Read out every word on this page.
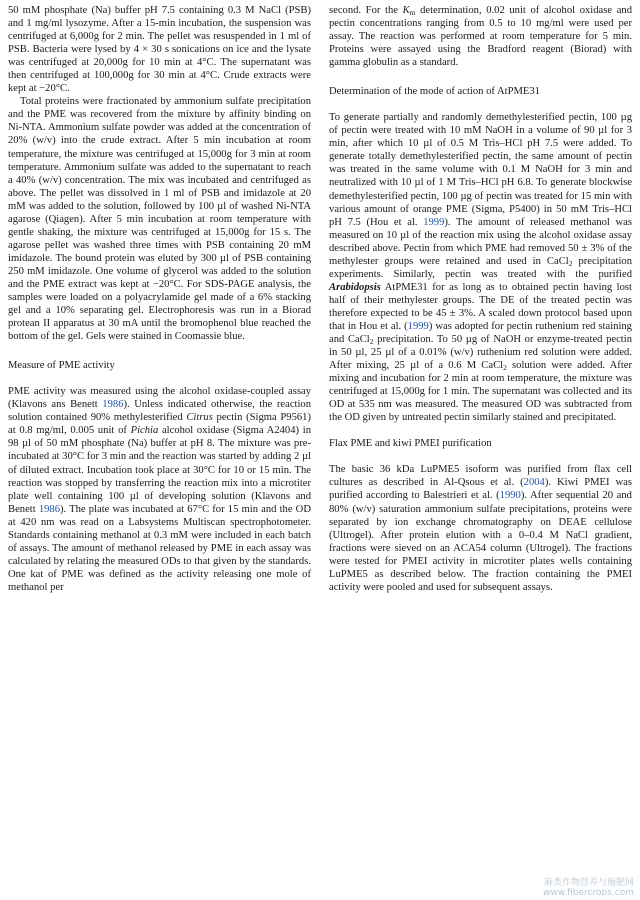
50 mM phosphate (Na) buffer pH 7.5 containing 0.3 M NaCl (PSB) and 1 mg/ml lysozyme. After a 15-min incubation, the suspension was centrifuged at 6,000g for 2 min. The pellet was resuspended in 1 ml of PSB. Bacteria were lysed by 4 × 30 s sonications on ice and the lysate was centrifuged at 20,000g for 10 min at 4°C. The supernatant was then centrifuged at 100,000g for 30 min at 4°C. Crude extracts were kept at −20°C.

Total proteins were fractionated by ammonium sulfate precipitation and the PME was recovered from the mixture by affinity binding on Ni-NTA. Ammonium sulfate powder was added at the concentration of 20% (w/v) into the crude extract. After 5 min incubation at room temperature, the mixture was centrifuged at 15,000g for 3 min at room temperature. Ammonium sulfate was added to the supernatant to reach a 40% (w/v) concentration. The mix was incubated and centrifuged as above. The pellet was dissolved in 1 ml of PSB and imidazole at 20 mM was added to the solution, followed by 100 µl of washed Ni-NTA agarose (Qiagen). After 5 min incubation at room temperature with gentle shaking, the mixture was centrifuged at 15,000g for 15 s. The agarose pellet was washed three times with PSB containing 20 mM imidazole. The bound protein was eluted by 300 µl of PSB containing 250 mM imidazole. One volume of glycerol was added to the solution and the PME extract was kept at −20°C. For SDS-PAGE analysis, the samples were loaded on a polyacrylamide gel made of a 6% stacking gel and a 10% separating gel. Electrophoresis was run in a Biorad protean II apparatus at 30 mA until the bromophenol blue reached the bottom of the gel. Gels were stained in Coomassie blue.

Measure of PME activity

PME activity was measured using the alcohol oxidase-coupled assay (Klavons ans Benett 1986). Unless indicated otherwise, the reaction solution contained 90% methylesterified Citrus pectin (Sigma P9561) at 0.8 mg/ml, 0.005 unit of Pichia alcohol oxidase (Sigma A2404) in 98 µl of 50 mM phosphate (Na) buffer at pH 8. The mixture was pre-incubated at 30°C for 3 min and the reaction was started by adding 2 µl of diluted extract. Incubation took place at 30°C for 10 or 15 min. The reaction was stopped by transferring the reaction mix into a microtiter plate well containing 100 µl of developing solution (Klavons and Benett 1986). The plate was incubated at 67°C for 15 min and the OD at 420 nm was read on a Labsystems Multiscan spectrophotometer. Standards containing methanol at 0.3 mM were included in each batch of assays. The amount of methanol released by PME in each assay was calculated by relating the measured ODs to that given by the standards. One kat of PME was defined as the activity releasing one mole of methanol per

second. For the $K_m$ determination, 0.02 unit of alcohol oxidase and pectin concentrations ranging from 0.5 to 10 mg/ml were used per assay. The reaction was performed at room temperature for 5 min. Proteins were assayed using the Bradford reagent (Biorad) with gamma globulin as a standard.

Determination of the mode of action of AtPME31

To generate partially and randomly demethylesterified pectin, 100 µg of pectin were treated with 10 mM NaOH in a volume of 90 µl for 3 min, after which 10 µl of 0.5 M Tris–HCl pH 7.5 were added. To generate totally demethylesterified pectin, the same amount of pectin was treated in the same volume with 0.1 M NaOH for 3 min and neutralized with 10 µl of 1 M Tris–HCl pH 6.8. To generate blockwise demethylesterified pectin, 100 µg of pectin was treated for 15 min with various amount of orange PME (Sigma, P5400) in 50 mM Tris–HCl pH 7.5 (Hou et al. 1999). The amount of released methanol was measured on 10 µl of the reaction mix using the alcohol oxidase assay described above. Pectin from which PME had removed 50 ± 3% of the methylester groups were retained and used in CaCl$_2$ precipitation experiments. Similarly, pectin was treated with the purified Arabidopsis AtPME31 for as long as to obtained pectin having lost half of their methylester groups. The DE of the treated pectin was therefore expected to be 45 ± 3%. A scaled down protocol based upon that in Hou et al. (1999) was adopted for pectin ruthenium red staining and CaCl$_2$ precipitation. To 50 µg of NaOH or enzyme-treated pectin in 50 µl, 25 µl of a 0.01% (w/v) ruthenium red solution were added. After mixing, 25 µl of a 0.6 M CaCl$_2$ solution were added. After mixing and incubation for 2 min at room temperature, the mixture was centrifuged at 15,000g for 1 min. The supernatant was collected and its OD at 535 nm was measured. The measured OD was subtracted from the OD given by untreated pectin similarly stained and precipitated.

Flax PME and kiwi PMEI purification

The basic 36 kDa LuPME5 isoform was purified from flax cell cultures as described in Al-Qsous et al. (2004). Kiwi PMEI was purified according to Balestrieri et al. (1990). After sequential 20 and 80% (w/v) saturation ammonium sulfate precipitations, proteins were separated by ion exchange chromatography on DEAE cellulose (Ultrogel). After protein elution with a 0–0.4 M NaCl gradient, fractions were sieved on an ACA54 column (Ultrogel). The fractions were tested for PMEI activity in microtiter plates wells containing LuPME5 as described below. The fraction containing the PMEI activity were pooled and used for subsequent assays.

麻类作物营养与施肥网
www.fibercrops.com
